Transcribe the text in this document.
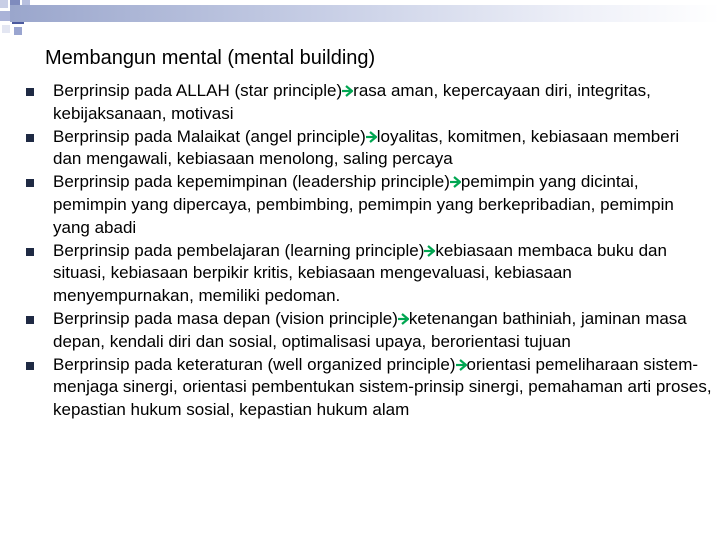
Membangun mental (mental building)
Berprinsip pada ALLAH (star principle) rasa aman, kepercayaan diri, integritas, kebijaksanaan, motivasi
Berprinsip pada Malaikat (angel principle) loyalitas, komitmen, kebiasaan memberi dan mengawali, kebiasaan menolong, saling percaya
Berprinsip pada kepemimpinan (leadership principle) pemimpin yang dicintai, pemimpin yang dipercaya, pembimbing, pemimpin yang berkepribadian, pemimpin yang abadi
Berprinsip pada pembelajaran (learning principle) kebiasaan membaca buku dan situasi, kebiasaan berpikir kritis, kebiasaan mengevaluasi, kebiasaan menyempurnakan, memiliki pedoman.
Berprinsip pada masa depan (vision principle) ketenangan bathiniah, jaminan masa depan, kendali diri dan sosial, optimalisasi upaya, berorientasi tujuan
Berprinsip pada keteraturan (well organized principle) orientasi pemeliharaan sistem-menjaga sinergi, orientasi pembentukan sistem-prinsip sinergi, pemahaman arti proses, kepastian hukum sosial, kepastian hukum alam
